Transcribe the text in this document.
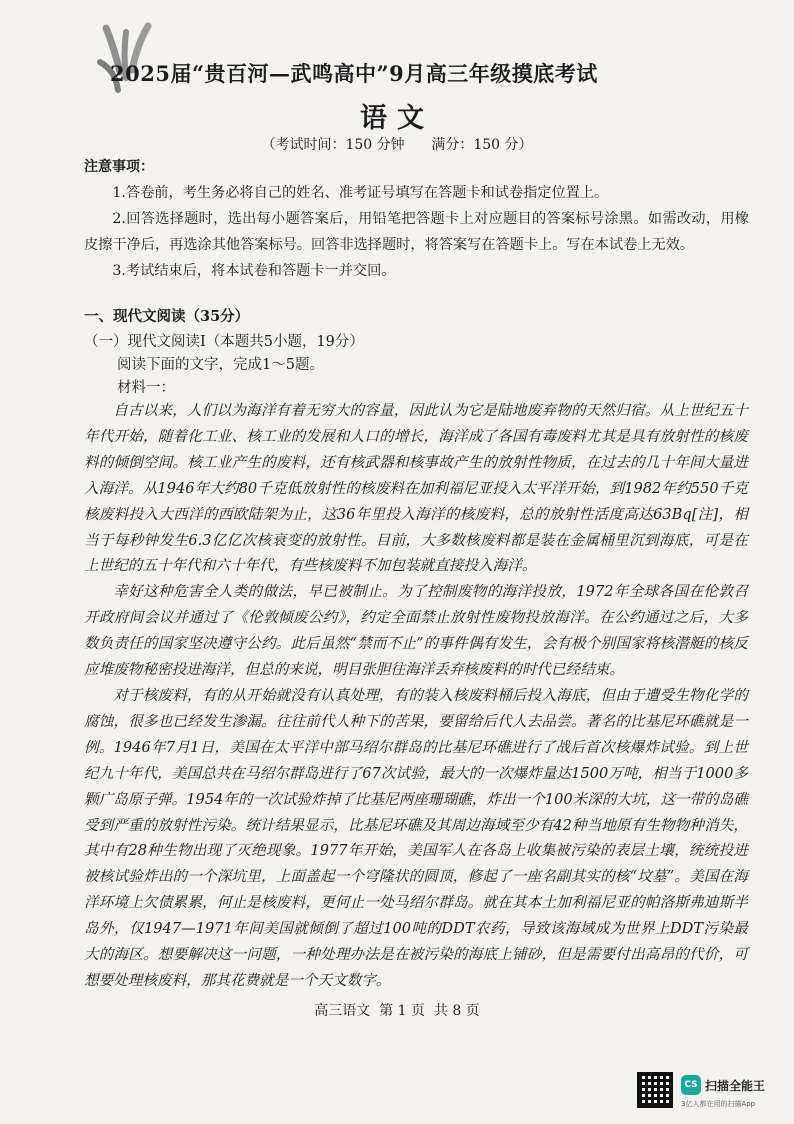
2025届“贵百河—武鸣高中”9月高三年级摸底考试
语文
（考试时间：150 分钟      满分：150 分）
注意事项：

1.答卷前，考生务必将自己的姓名、准考证号填写在答题卡和试卷指定位置上。

2.回答选择题时，选出每小题答案后，用铅笔把答题卡上对应题目的答案标号涂黑。如需改动，用橡皮擦干净后，再选涂其他答案标号。回答非选择题时，将答案写在答题卡上。写在本试卷上无效。

3.考试结束后，将本试卷和答题卡一并交回。

一、现代文阅读（35分）
（一）现代文阅读Ⅰ（本题共5小题，19分）
阅读下面的文字，完成1～5题。
材料一：

自古以来，人们以为海洋有着无穷大的容量，因此认为它是陆地废弃物的天然归宿。从上世纪五十年代开始，随着化工业、核工业的发展和人口的增长，海洋成了各国有毒废料尤其是具有放射性的核废料的倾倒空间。核工业产生的废料，还有核武器和核事故产生的放射性物质，在过去的几十年间大量进入海洋。从1946年大约80千克低放射性的核废料在加利福尼亚投入太平洋开始，到1982年约550千克核废料投入大西洋的西欧陆架为止，这36年里投入海洋的核废料，总的放射性活度高达63Bq[注]，相当于每秒钟发生6.3亿亿次核衰变的放射性。目前，大多数核废料都是装在金属桶里沉到海底，可是在上世纪的五十年代和六十年代，有些核废料不加包装就直接投入海洋。

幸好这种危害全人类的做法，早已被制止。为了控制废物的海洋投放，1972年全球各国在伦敦召开政府间会议并通过了《伦敦倾废公约》，约定全面禁止放射性废物投放海洋。在公约通过之后，大多数负责任的国家坚决遵守公约。此后虽然“禁而不止”的事件偶有发生，会有极个别国家将核潜艇的核反应堆废物秘密投进海洋，但总的来说，明目张胆往海洋丢弃核废料的时代已经结束。

对于核废料，有的从开始就没有认真处理，有的装入核废料桶后投入海底，但由于遭受生物化学的腐蚀，很多也已经发生渗漏。往往前代人种下的苦果，要留给后代人去品尝。著名的比基尼环礁就是一例。1946年7月1日，美国在太平洋中部马绍尔群岛的比基尼环礁进行了战后首次核爆炸试验。到上世纪九十年代，美国总共在马绍尔群岛进行了67次试验，最大的一次爆炸量达1500万吨，相当于1000多颗广岛原子弹。1954年的一次试验炸掉了比基尼两座珊瑚礁，炸出一个100米深的大坑，这一带的岛礁受到严重的放射性污染。统计结果显示，比基尼环礁及其周边海域至少有42种当地原有生物物种消失，其中有28种生物出现了灭绝现象。1977年开始，美国军人在各岛上收集被污染的表层土壤，统统投进被核试验炸出的一个深坑里，上面盖起一个穹隆状的圆顶，修起了一座名副其实的核“坟墓”。美国在海洋环境上欠债累累，何止是核废料，更何止一处马绍尔群岛。就在其本土加利福尼亚的帕洛斯弗迪斯半岛外，仅1947—1971年间美国就倾倒了超过100吨的DDT农药，导致该海域成为世界上DDT污染最大的海区。想要解决这一问题，一种处理办法是在被污染的海底上铺砂，但是需要付出高昂的代价，可想要处理核废料，那其花费就是一个天文数字。

高三语文  第 1 页  共 8 页
CS 扫描全能王
3亿人都在用的扫描App
